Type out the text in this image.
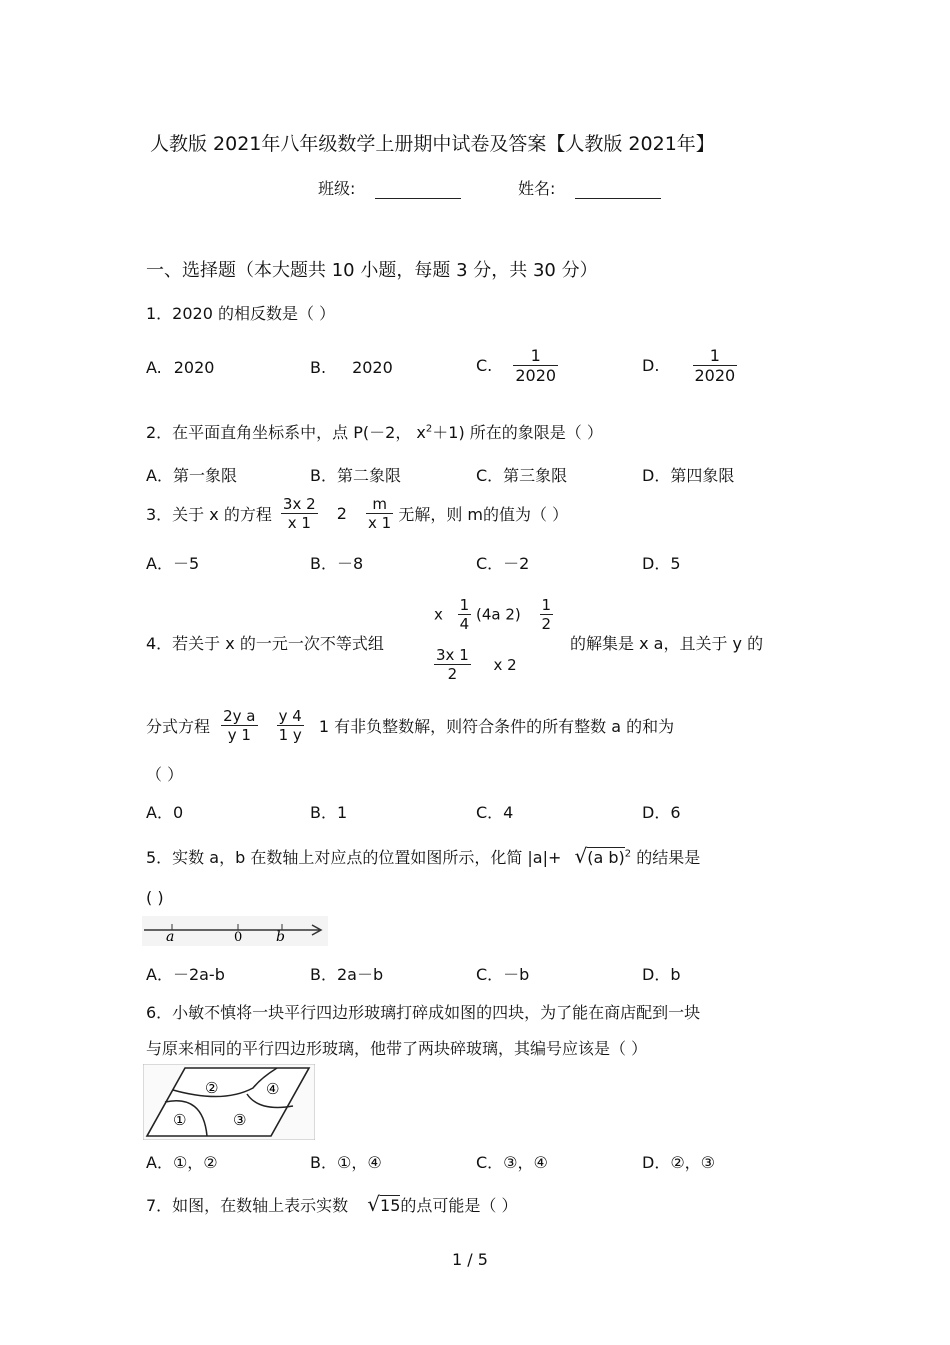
人教版 2021年八年级数学上册期中试卷及答案【人教版 2021年】
班级:	姓名:
一、选择题（本大题共 10 小题，每题 3 分，共 30 分）
1．2020 的相反数是（ ）
A. 2020	B. 2020	C. $\frac{1}{2020}$	D. $\frac{1}{2020}$
2．在平面直角坐标系中，点 P(－2， $x^2+1$) 所在的象限是（ ）
A．第一象限	B．第二象限	C．第三象限	D．第四象限
3．关于 x 的方程 $\frac{3x 2}{x 1} 2 \frac{m}{x 1}$ 无解，则 m的值为（ ）
A．－5	B．－8	C．－2	D．5
4．若关于 x 的一元一次不等式组
x $\frac{1}{4} (4a$ $2) \frac{1}{2}$
$\frac{3x 1}{2}$ x 2
的解集是 x a，且关于 y 的
分式方程 $\frac{\text{2y a}}{y 1}$
$\frac{y 4}{1 y} 1$ 有非负整数解，则符合条件的所有整数 a 的和为
（ ）
A．0	B．1	C．4	D．6
5．实数 a，b 在数轴上对应点的位置如图所示，化简 |a|+ √(a b)$^2$ 的结果是
( )
a	0 b
A．－2a-b	B．2a－b	C．－b	D．b
6．小敏不慎将一块平行四边形玻璃打碎成如图的四块，为了能在商店配到一块
与原来相同的平行四边形玻璃，他带了两块碎玻璃，其编号应该是（ ）
②	④
①	③
A．①，②	B．①，④	C．③，④	D．②，③
7．如图，在数轴上表示实数 √15的点可能是（ ）
1 / 5
